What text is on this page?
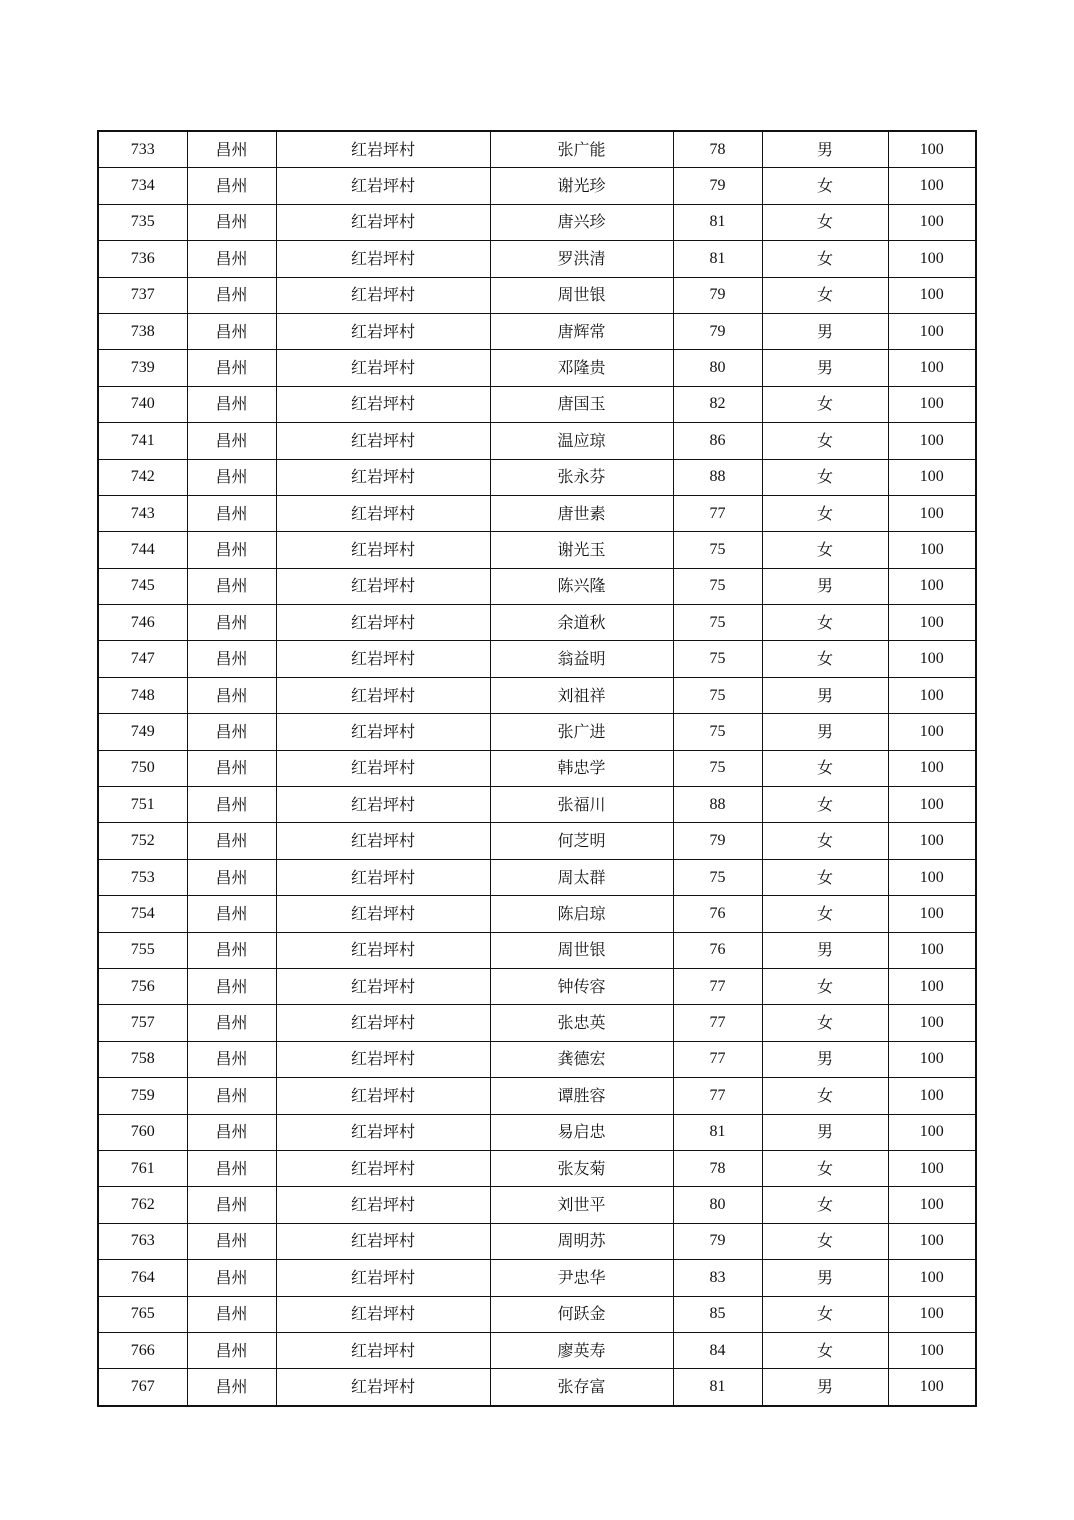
733	昌州	红岩坪村	张广能	78	男	100
734	昌州	红岩坪村	谢光珍	79	女	100
735	昌州	红岩坪村	唐兴珍	81	女	100
736	昌州	红岩坪村	罗洪清	81	女	100
737	昌州	红岩坪村	周世银	79	女	100
738	昌州	红岩坪村	唐辉常	79	男	100
739	昌州	红岩坪村	邓隆贵	80	男	100
740	昌州	红岩坪村	唐国玉	82	女	100
741	昌州	红岩坪村	温应琼	86	女	100
742	昌州	红岩坪村	张永芬	88	女	100
743	昌州	红岩坪村	唐世素	77	女	100
744	昌州	红岩坪村	谢光玉	75	女	100
745	昌州	红岩坪村	陈兴隆	75	男	100
746	昌州	红岩坪村	余道秋	75	女	100
747	昌州	红岩坪村	翁益明	75	女	100
748	昌州	红岩坪村	刘祖祥	75	男	100
749	昌州	红岩坪村	张广进	75	男	100
750	昌州	红岩坪村	韩忠学	75	女	100
751	昌州	红岩坪村	张福川	88	女	100
752	昌州	红岩坪村	何芝明	79	女	100
753	昌州	红岩坪村	周太群	75	女	100
754	昌州	红岩坪村	陈启琼	76	女	100
755	昌州	红岩坪村	周世银	76	男	100
756	昌州	红岩坪村	钟传容	77	女	100
757	昌州	红岩坪村	张忠英	77	女	100
758	昌州	红岩坪村	龚德宏	77	男	100
759	昌州	红岩坪村	谭胜容	77	女	100
760	昌州	红岩坪村	易启忠	81	男	100
761	昌州	红岩坪村	张友菊	78	女	100
762	昌州	红岩坪村	刘世平	80	女	100
763	昌州	红岩坪村	周明苏	79	女	100
764	昌州	红岩坪村	尹忠华	83	男	100
765	昌州	红岩坪村	何跃金	85	女	100
766	昌州	红岩坪村	廖英寿	84	女	100
767	昌州	红岩坪村	张存富	81	男	100
